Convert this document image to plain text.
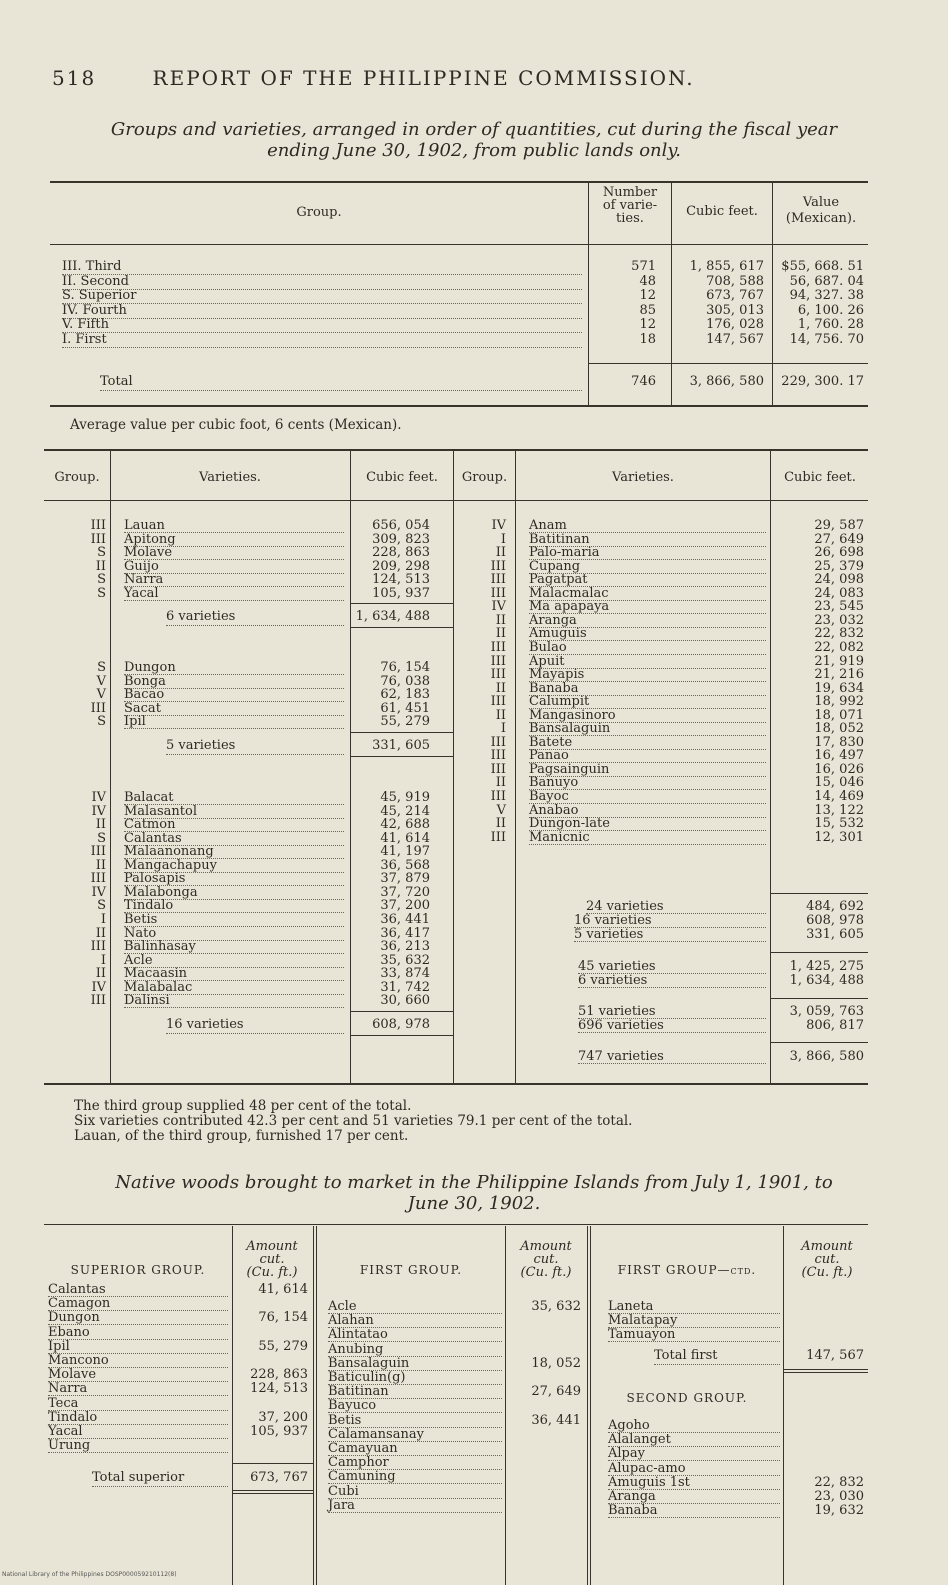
518	REPORT OF THE PHILIPPINE COMMISSION.
Groups and varieties, arranged in order of quantities, cut during the fiscal year
ending June 30, 1902, from public lands only.
Group.
Number
of varie-
ties.	Cubic feet.
Value
(Mexican).
III. Third	571	1, 855, 617	$55, 668. 51
II. Second	48	708, 588	56, 687. 04
S. Superior	12	673, 767	94, 327. 38
IV. Fourth	85	305, 013	6, 100. 26
V. Fifth	12	176, 028	1, 760. 28
I. First	18	147, 567	14, 756. 70
Total	746	3, 866, 580	229, 300. 17
Average value per cubic foot, 6 cents (Mexican).
Group.	Varieties.	Cubic feet.	Group.	Varieties.	Cubic feet.
III Lauan	656, 054
III Apitong	309, 823
S Molave	228, 863
II Guijo	209, 298
S Narra	124, 513
S Yacal	105, 937
6 varieties	1, 634, 488
S Dungon	76, 154
V Bonga	76, 038
V Bacao	62, 183
III Sacat	61, 451
S Ipil	55, 279
5 varieties	331, 605
IV Balacat	45, 919
IV Malasantol	45, 214
II Catmon	42, 688
S Calantas	41, 614
III Malaanonang	41, 197
II Mangachapuy	36, 568
III Palosapis	37, 879
IV Malabonga	37, 720
S Tindalo	37, 200
I Betis	36, 441
II Nato	36, 417
III Balinhasay	36, 213
I Acle	35, 632
II Macaasin	33, 874
IV Malabalac	31, 742
III Dalinsi	30, 660
16 varieties	608, 978
IV Anam	29, 587
I Batitinan	27, 649
II Palo-maria	26, 698
III Cupang	25, 379
III Pagatpat	24, 098
III Malacmalac	24, 083
IV Ma apapaya	23, 545
II Aranga	23, 032
II Amuguis	22, 832
III Bulao	22, 082
III Apuit	21, 919
III Mayapis	21, 216
II Banaba	19, 634
III Calumpit	18, 992
II Mangasinoro	18, 071
I Bansalaguin	18, 052
III Batete	17, 830
III Panao	16, 497
III Pagsainguin	16, 026
II Banuyo	15, 046
III Bayoc	14, 469
V Anabao	13, 122
II Dungon-late	15, 532
III Manicnic	12, 301
24 varieties	484, 692
16 varieties	608, 978
5 varieties	331, 605
45 varieties	1, 425, 275
6 varieties	1, 634, 488
51 varieties	3, 059, 763
696 varieties	806, 817
747 varieties	3, 866, 580
The third group supplied 48 per cent of the total.
Six varieties contributed 42.3 per cent and 51 varieties 79.1 per cent of the total.
Lauan, of the third group, furnished 17 per cent.
Native woods brought to market in the Philippine Islands from July 1, 1901, to
June 30, 1902.
Amount
cut.
(Cu. ft.)
Amount
cut.
(Cu. ft.)
Amount
cut.
(Cu. ft.)
SUPERIOR GROUP.	FIRST GROUP.	FIRST GROUP—ctd.
Calantas	41, 614
Camagon
Dungon	76, 154
Ebano
Ipil	55, 279
Mancono
Molave	228, 863
Narra	124, 513
Teca
Tindalo	37, 200
Yacal	105, 937
Urung
Total superior	673, 767
Acle	35, 632
Alahan
Alintatao
Anubing
Bansalaguin	18, 052
Baticulin(g)
Batitinan	27, 649
Bayuco
Betis	36, 441
Calamansanay
Camayuan
Camphor
Camuning
Cubi
Jara
Laneta
Malatapay
Tamuayon
Total first	147, 567
SECOND GROUP.
Agoho
Alalanget
Alpay
Alupac-amo
Amuguis 1st	22, 832
Aranga	23, 030
Banaba	19, 632
National Library of the Philippines DOSP000059210112(8)
